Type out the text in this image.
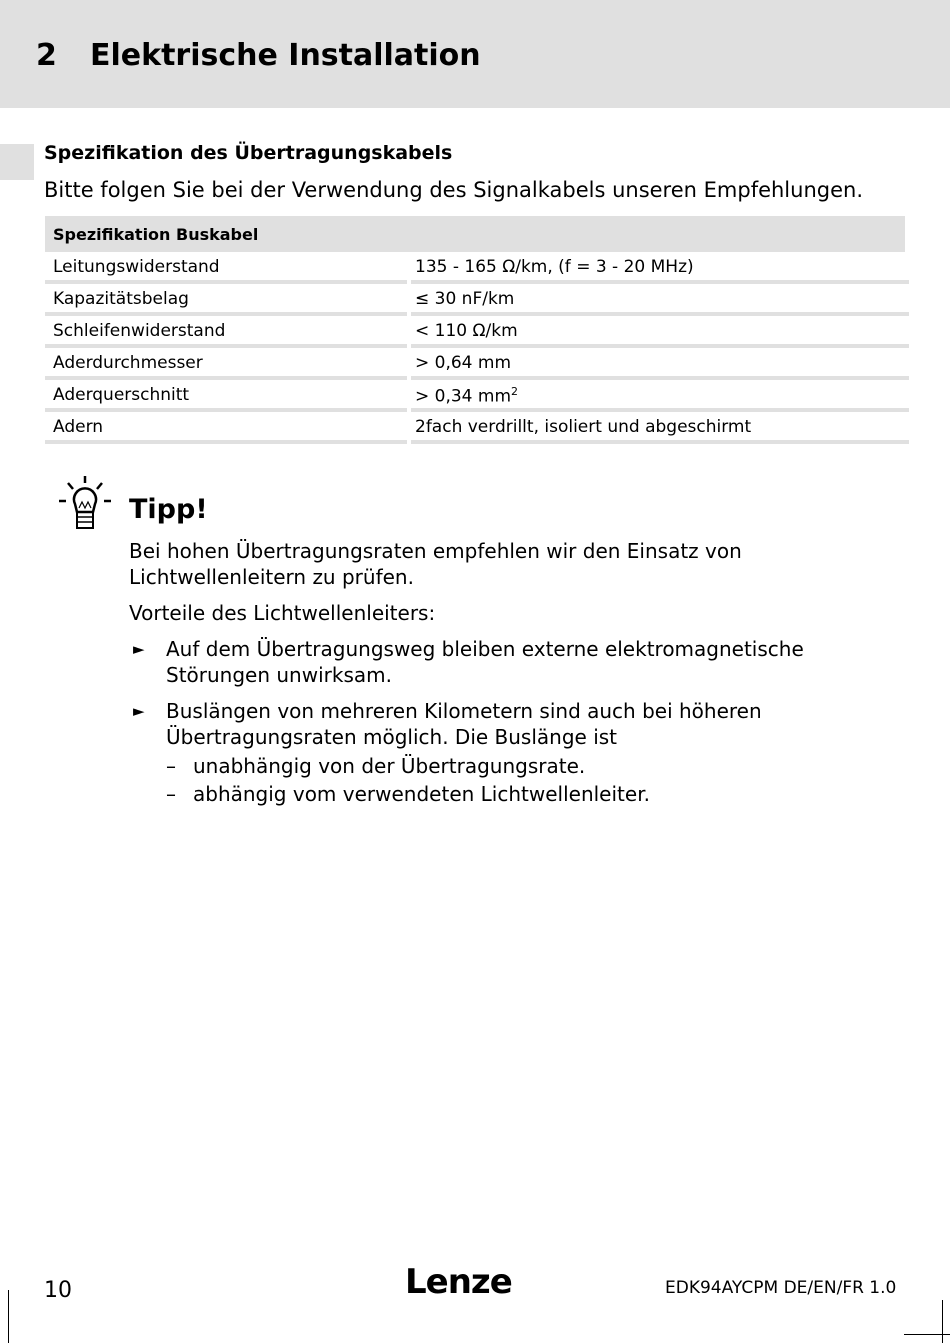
2 Elektrische Installation
Spezifikation des Übertragungskabels
Bitte folgen Sie bei der Verwendung des Signalkabels unseren Empfehlungen.
Spezifikation Buskabel
Leitungswiderstand	135 - 165 Ω/km, (f = 3 - 20 MHz)
Kapazitätsbelag	≤ 30 nF/km
Schleifenwiderstand	< 110 Ω/km
Aderdurchmesser	> 0,64 mm
Aderquerschnitt	> 0,34 $mm^2$
Adern	2fach verdrillt, isoliert und abgeschirmt
Tipp!

Bei hohen Übertragungsraten empfehlen wir den Einsatz von Lichtwellenleitern zu prüfen.

Vorteile des Lichtwellenleiters:

► Auf dem Übertragungsweg bleiben externe elektromagnetische Störungen unwirksam.
► Buslängen von mehreren Kilometern sind auch bei höheren Übertragungsraten möglich. Die Buslänge ist
– unabhängig von der Übertragungsrate.
– abhängig vom verwendeten Lichtwellenleiter.
10	Lenze	EDK94AYCPM DE/EN/FR 1.0
